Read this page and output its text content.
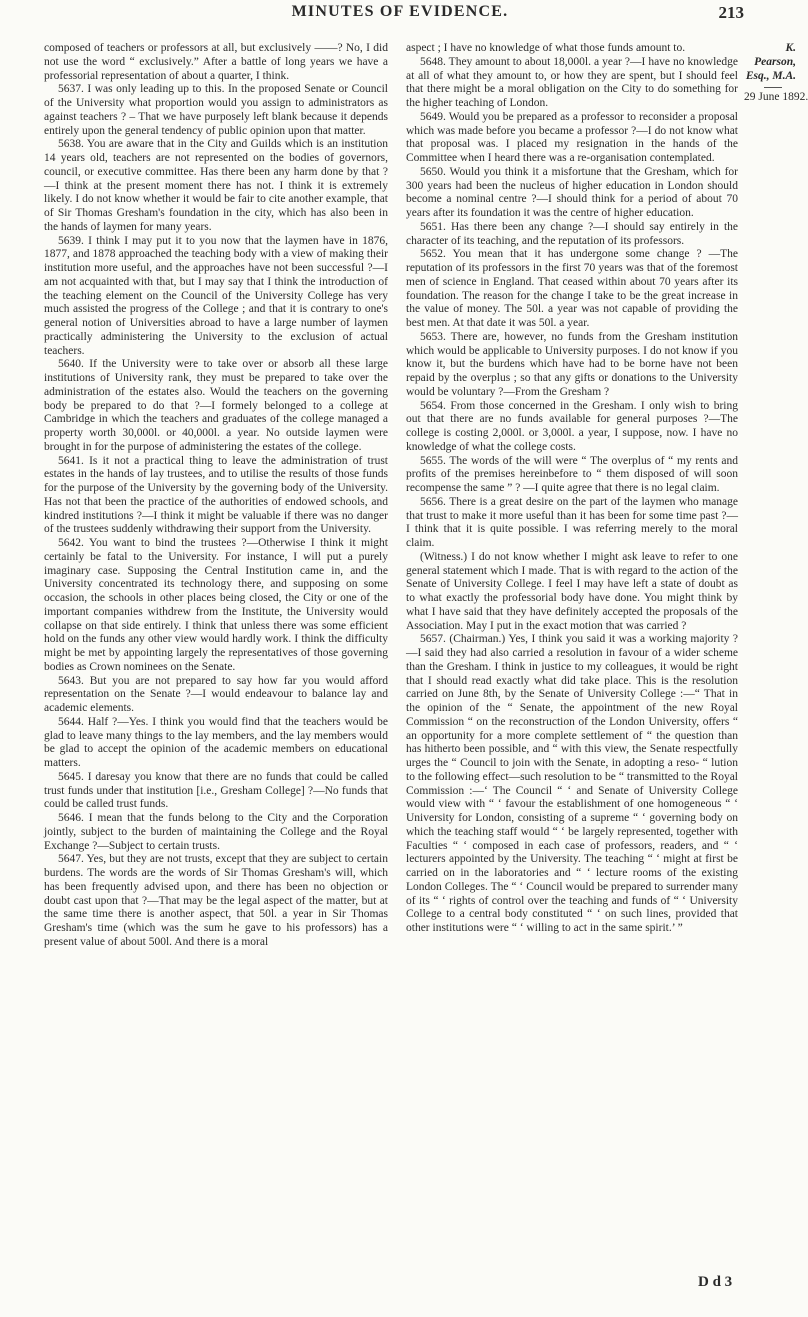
MINUTES OF EVIDENCE.	213

composed of teachers or professors at all, but exclusively ——? No, I did not use the word “ exclusively.” After a battle of long years we have a professorial representation of about a quarter, I think.

5637. I was only leading up to this. In the proposed Senate or Council of the University what proportion would you assign to administrators as against teachers ? – That we have purposely left blank because it depends entirely upon the general tendency of public opinion upon that matter.

5638. You are aware that in the City and Guilds which is an institution 14 years old, teachers are not represented on the bodies of governors, council, or executive committee. Has there been any harm done by that ?—I think at the present moment there has not. I think it is extremely likely. I do not know whether it would be fair to cite another example, that of Sir Thomas Gresham's foundation in the city, which has also been in the hands of laymen for many years.

5639. I think I may put it to you now that the laymen have in 1876, 1877, and 1878 approached the teaching body with a view of making their institution more useful, and the approaches have not been successful ?—I am not acquainted with that, but I may say that I think the introduction of the teaching element on the Council of the University College has very much assisted the progress of the College ; and that it is contrary to one's general notion of Universities abroad to have a large number of laymen practically administering the University to the exclusion of actual teachers.

5640. If the University were to take over or absorb all these large institutions of University rank, they must be prepared to take over the administration of the estates also. Would the teachers on the governing body be prepared to do that ?—I formely belonged to a college at Cambridge in which the teachers and graduates of the college managed a property worth 30,000l. or 40,000l. a year. No outside laymen were brought in for the purpose of administering the estates of the college.

5641. Is it not a practical thing to leave the administration of trust estates in the hands of lay trustees, and to utilise the results of those funds for the purpose of the University by the governing body of the University. Has not that been the practice of the authorities of endowed schools, and kindred institutions ?—I think it might be valuable if there was no danger of the trustees suddenly withdrawing their support from the University.

5642. You want to bind the trustees ?—Otherwise I think it might certainly be fatal to the University. For instance, I will put a purely imaginary case. Supposing the Central Institution came in, and the University concentrated its technology there, and supposing on some occasion, the schools in other places being closed, the City or one of the important companies withdrew from the Institute, the University would collapse on that side entirely. I think that unless there was some efficient hold on the funds any other view would hardly work. I think the difficulty might be met by appointing largely the representatives of those governing bodies as Crown nominees on the Senate.

5643. But you are not prepared to say how far you would afford representation on the Senate ?—I would endeavour to balance lay and academic elements.

5644. Half ?—Yes. I think you would find that the teachers would be glad to leave many things to the lay members, and the lay members would be glad to accept the opinion of the academic members on educational matters.

5645. I daresay you know that there are no funds that could be called trust funds under that institution [i.e., Gresham College] ?—No funds that could be called trust funds.

5646. I mean that the funds belong to the City and the Corporation jointly, subject to the burden of maintaining the College and the Royal Exchange ?—Subject to certain trusts.

5647. Yes, but they are not trusts, except that they are subject to certain burdens. The words are the words of Sir Thomas Gresham's will, which has been frequently advised upon, and there has been no objection or doubt cast upon that ?—That may be the legal aspect of the matter, but at the same time there is another aspect, that 50l. a year in Sir Thomas Gresham's time (which was the sum he gave to his professors) has a present value of about 500l. And there is a moral

aspect ; I have no knowledge of what those funds amount to.

5648. They amount to about 18,000l. a year ?—I have no knowledge at all of what they amount to, or how they are spent, but I should feel that there might be a moral obligation on the City to do something for the higher teaching of London.

5649. Would you be prepared as a professor to reconsider a proposal which was made before you became a professor ?—I do not know what that proposal was. I placed my resignation in the hands of the Committee when I heard there was a re-organisation contemplated.

5650. Would you think it a misfortune that the Gresham, which for 300 years had been the nucleus of higher education in London should become a nominal centre ?—I should think for a period of about 70 years after its foundation it was the centre of higher education.

5651. Has there been any change ?—I should say entirely in the character of its teaching, and the reputation of its professors.

5652. You mean that it has undergone some change ? —The reputation of its professors in the first 70 years was that of the foremost men of science in England. That ceased within about 70 years after its foundation. The reason for the change I take to be the great increase in the value of money. The 50l. a year was not capable of providing the best men. At that date it was 50l. a year.

5653. There are, however, no funds from the Gresham institution which would be applicable to University purposes. I do not know if you know it, but the burdens which have had to be borne have not been repaid by the overplus ; so that any gifts or donations to the University would be voluntary ?—From the Gresham ?

5654. From those concerned in the Gresham. I only wish to bring out that there are no funds available for general purposes ?—The college is costing 2,000l. or 3,000l. a year, I suppose, now. I have no knowledge of what the college costs.

5655. The words of the will were “ The overplus of “ my rents and profits of the premises hereinbefore to “ them disposed of will soon recompense the same ” ? —I quite agree that there is no legal claim.

5656. There is a great desire on the part of the laymen who manage that trust to make it more useful than it has been for some time past ?—I think that it is quite possible. I was referring merely to the moral claim.

(Witness.) I do not know whether I might ask leave to refer to one general statement which I made. That is with regard to the action of the Senate of University College. I feel I may have left a state of doubt as to what exactly the professorial body have done. You might think by what I have said that they have definitely accepted the proposals of the Association. May I put in the exact motion that was carried ?

5657. (Chairman.) Yes, I think you said it was a working majority ?—I said they had also carried a resolution in favour of a wider scheme than the Gresham. I think in justice to my colleagues, it would be right that I should read exactly what did take place. This is the resolution carried on June 8th, by the Senate of University College :—“ That in the opinion of the “ Senate, the appointment of the new Royal Commission “ on the reconstruction of the London University, offers “ an opportunity for a more complete settlement of “ the question than has hitherto been possible, and “ with this view, the Senate respectfully urges the “ Council to join with the Senate, in adopting a reso- “ lution to the following effect—such resolution to be “ transmitted to the Royal Commission :—‘ The Council “ ‘ and Senate of University College would view with “ ‘ favour the establishment of one homogeneous “ ‘ University for London, consisting of a supreme “ ‘ governing body on which the teaching staff would “ ‘ be largely represented, together with Faculties “ ‘ composed in each case of professors, readers, and “ ‘ lecturers appointed by the University. The teaching “ ‘ might at first be carried on in the laboratories and “ ‘ lecture rooms of the existing London Colleges. The “ ‘ Council would be prepared to surrender many of its “ ‘ rights of control over the teaching and funds of “ ‘ University College to a central body constituted “ ‘ on such lines, provided that other institutions were “ ‘ willing to act in the same spirit.’ ”

K. Pearson,
Esq., M.A.
29 June 1892.
D d 3
